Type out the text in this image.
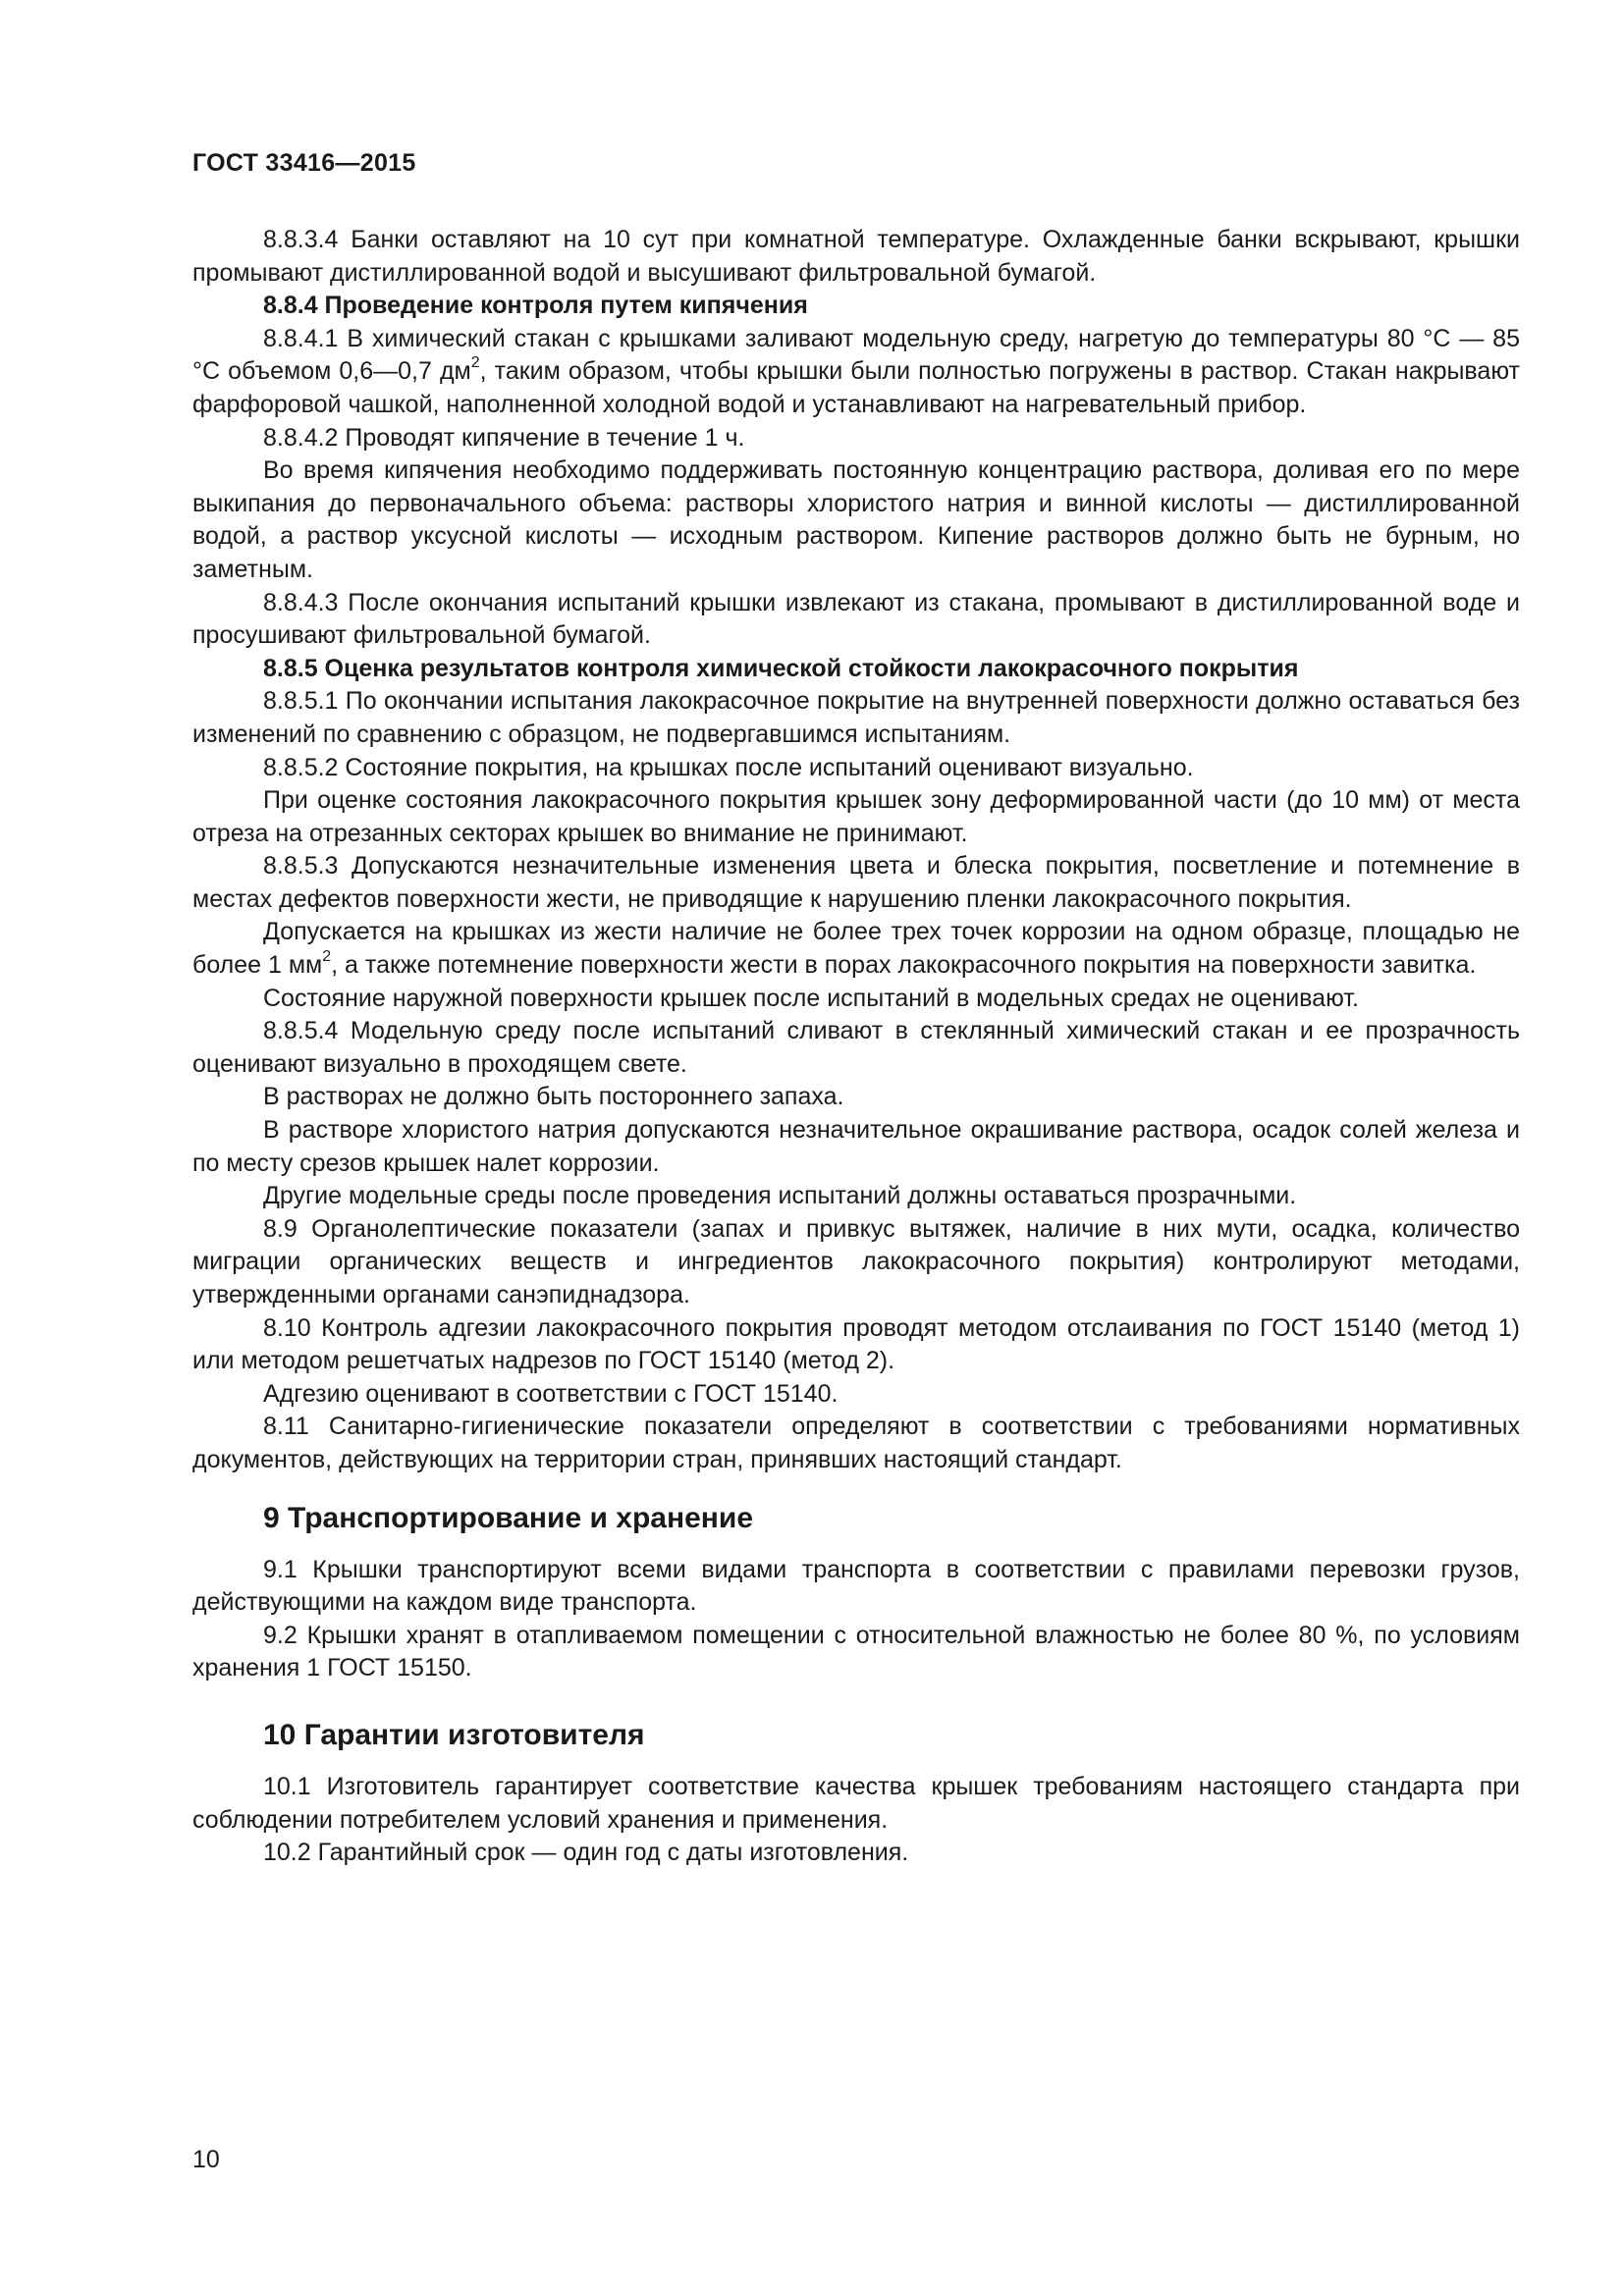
ГОСТ 33416—2015

8.8.3.4 Банки оставляют на 10 сут при комнатной температуре. Охлажденные банки вскрывают, крышки промывают дистиллированной водой и высушивают фильтровальной бумагой.

8.8.4 Проведение контроля путем кипячения

8.8.4.1 В химический стакан с крышками заливают модельную среду, нагретую до температуры 80 °С — 85 °С объемом 0,6—0,7 $дм^2$, таким образом, чтобы крышки были полностью погружены в раствор. Стакан накрывают фарфоровой чашкой, наполненной холодной водой и устанавливают на нагревательный прибор.

8.8.4.2 Проводят кипячение в течение 1 ч.

Во время кипячения необходимо поддерживать постоянную концентрацию раствора, доливая его по мере выкипания до первоначального объема: растворы хлористого натрия и винной кислоты — дистиллированной водой, а раствор уксусной кислоты — исходным раствором. Кипение растворов должно быть не бурным, но заметным.

8.8.4.3 После окончания испытаний крышки извлекают из стакана, промывают в дистиллированной воде и просушивают фильтровальной бумагой.

8.8.5 Оценка результатов контроля химической стойкости лакокрасочного покрытия

8.8.5.1 По окончании испытания лакокрасочное покрытие на внутренней поверхности должно оставаться без изменений по сравнению с образцом, не подвергавшимся испытаниям.

8.8.5.2 Состояние покрытия, на крышках после испытаний оценивают визуально.

При оценке состояния лакокрасочного покрытия крышек зону деформированной части (до 10 мм) от места отреза на отрезанных секторах крышек во внимание не принимают.

8.8.5.3 Допускаются незначительные изменения цвета и блеска покрытия, посветление и потемнение в местах дефектов поверхности жести, не приводящие к нарушению пленки лакокрасочного покрытия.

Допускается на крышках из жести наличие не более трех точек коррозии на одном образце, площадью не более 1 $мм^2$, а также потемнение поверхности жести в порах лакокрасочного покрытия на поверхности завитка.

Состояние наружной поверхности крышек после испытаний в модельных средах не оценивают.

8.8.5.4 Модельную среду после испытаний сливают в стеклянный химический стакан и ее прозрачность оценивают визуально в проходящем свете.

В растворах не должно быть постороннего запаха.

В растворе хлористого натрия допускаются незначительное окрашивание раствора, осадок солей железа и по месту срезов крышек налет коррозии.

Другие модельные среды после проведения испытаний должны оставаться прозрачными.

8.9 Органолептические показатели (запах и привкус вытяжек, наличие в них мути, осадка, количество миграции органических веществ и ингредиентов лакокрасочного покрытия) контролируют методами, утвержденными органами санэпиднадзора.

8.10 Контроль адгезии лакокрасочного покрытия проводят методом отслаивания по ГОСТ 15140 (метод 1) или методом решетчатых надрезов по ГОСТ 15140 (метод 2).

Адгезию оценивают в соответствии с ГОСТ 15140.

8.11 Санитарно-гигиенические показатели определяют в соответствии с требованиями нормативных документов, действующих на территории стран, принявших настоящий стандарт.

9 Транспортирование и хранение

9.1 Крышки транспортируют всеми видами транспорта в соответствии с правилами перевозки грузов, действующими на каждом виде транспорта.

9.2 Крышки хранят в отапливаемом помещении с относительной влажностью не более 80 %, по условиям хранения 1 ГОСТ 15150.

10 Гарантии изготовителя

10.1 Изготовитель гарантирует соответствие качества крышек требованиям настоящего стандарта при соблюдении потребителем условий хранения и применения.

10.2 Гарантийный срок — один год с даты изготовления.

10
